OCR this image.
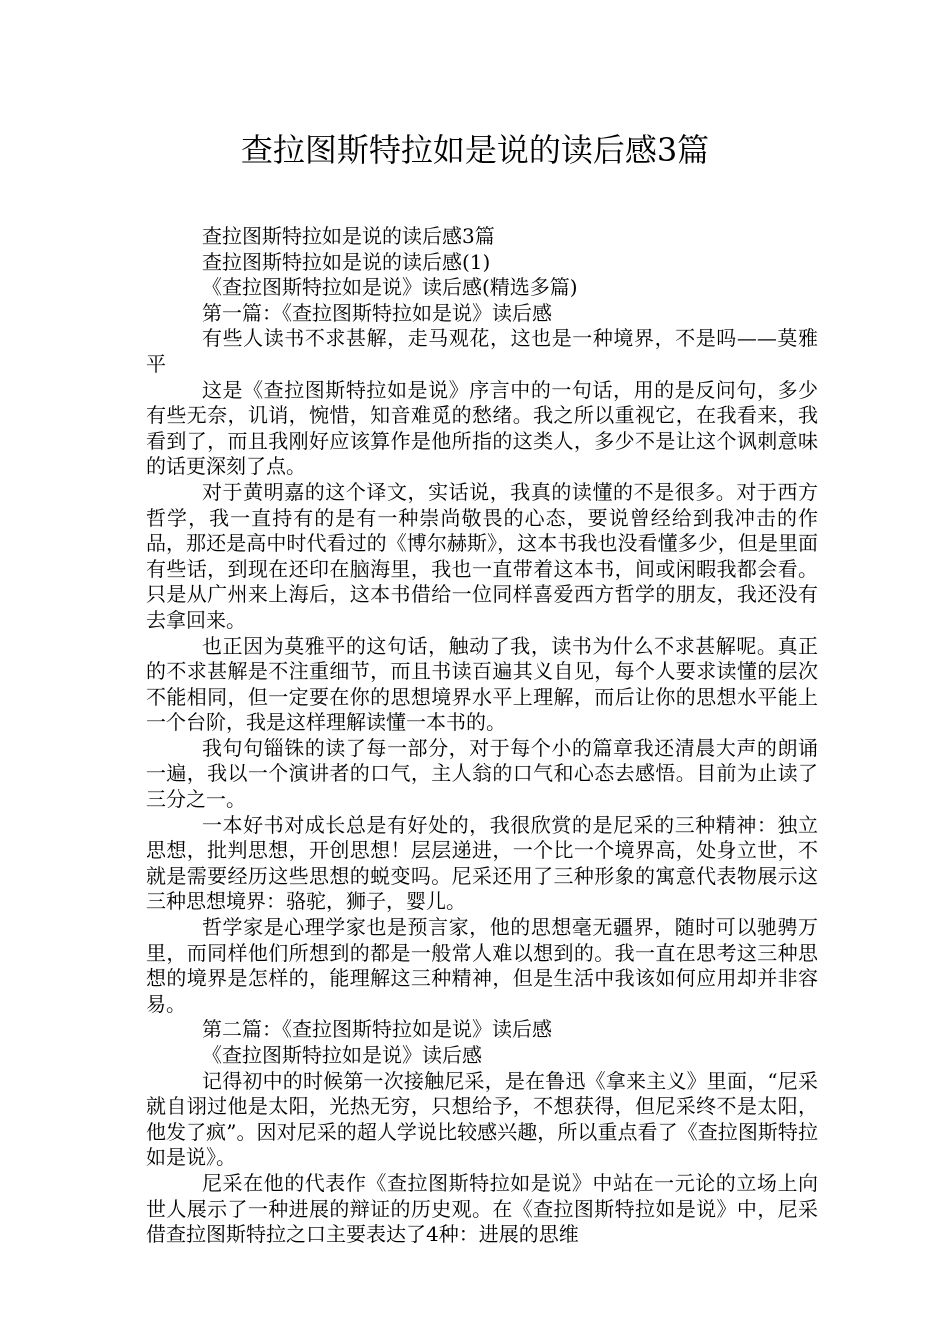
查拉图斯特拉如是说的读后感3篇

查拉图斯特拉如是说的读后感3篇

查拉图斯特拉如是说的读后感(1)

《查拉图斯特拉如是说》读后感(精选多篇)

第一篇：《查拉图斯特拉如是说》读后感

有些人读书不求甚解，走马观花，这也是一种境界，不是吗——莫雅平

这是《查拉图斯特拉如是说》序言中的一句话，用的是反问句，多少有些无奈，讥诮，惋惜，知音难觅的愁绪。我之所以重视它，在我看来，我看到了，而且我刚好应该算作是他所指的这类人，多少不是让这个讽刺意味的话更深刻了点。

对于黄明嘉的这个译文，实话说，我真的读懂的不是很多。对于西方哲学，我一直持有的是有一种崇尚敬畏的心态，要说曾经给到我冲击的作品，那还是高中时代看过的《博尔赫斯》，这本书我也没看懂多少，但是里面有些话，到现在还印在脑海里，我也一直带着这本书，间或闲暇我都会看。只是从广州来上海后，这本书借给一位同样喜爱西方哲学的朋友，我还没有去拿回来。

也正因为莫雅平的这句话，触动了我，读书为什么不求甚解呢。真正的不求甚解是不注重细节，而且书读百遍其义自见，每个人要求读懂的层次不能相同，但一定要在你的思想境界水平上理解，而后让你的思想水平能上一个台阶，我是这样理解读懂一本书的。

我句句锱铢的读了每一部分，对于每个小的篇章我还清晨大声的朗诵一遍，我以一个演讲者的口气，主人翁的口气和心态去感悟。目前为止读了三分之一。

一本好书对成长总是有好处的，我很欣赏的是尼采的三种精神：独立思想，批判思想，开创思想！层层递进，一个比一个境界高，处身立世，不就是需要经历这些思想的蜕变吗。尼采还用了三种形象的寓意代表物展示这三种思想境界：骆驼，狮子，婴儿。

哲学家是心理学家也是预言家，他的思想毫无疆界，随时可以驰骋万里，而同样他们所想到的都是一般常人难以想到的。我一直在思考这三种思想的境界是怎样的，能理解这三种精神，但是生活中我该如何应用却并非容易。

第二篇：《查拉图斯特拉如是说》读后感

《查拉图斯特拉如是说》读后感

记得初中的时候第一次接触尼采，是在鲁迅《拿来主义》里面，“尼采就自诩过他是太阳，光热无穷，只想给予，不想获得，但尼采终不是太阳，他发了疯”。因对尼采的超人学说比较感兴趣，所以重点看了《查拉图斯特拉如是说》。

尼采在他的代表作《查拉图斯特拉如是说》中站在一元论的立场上向世人展示了一种进展的辩证的历史观。在《查拉图斯特拉如是说》中，尼采借查拉图斯特拉之口主要表达了4种：进展的思维
